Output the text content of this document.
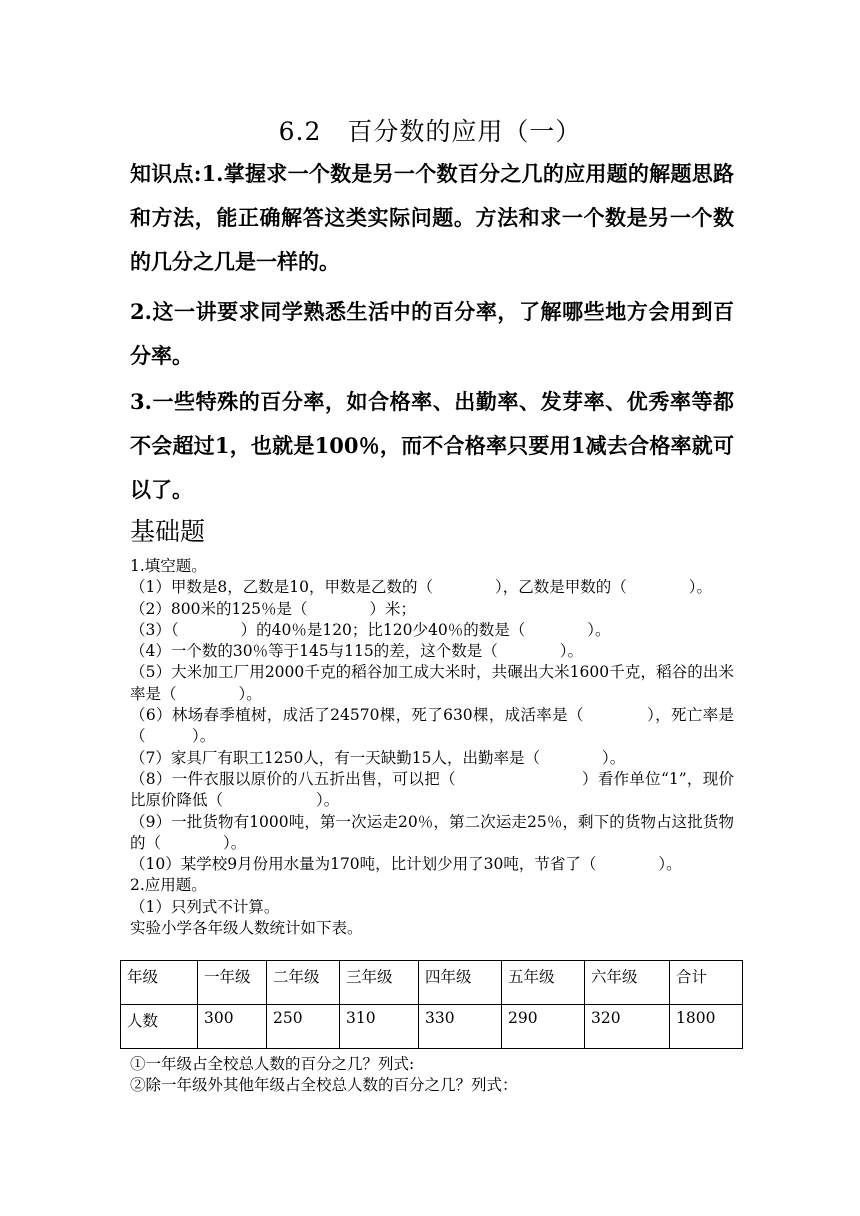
6.2　百分数的应用（一）

知识点:1.掌握求一个数是另一个数百分之几的应用题的解题思路和方法，能正确解答这类实际问题。方法和求一个数是另一个数的几分之几是一样的。

2.这一讲要求同学熟悉生活中的百分率，了解哪些地方会用到百分率。

3.一些特殊的百分率，如合格率、出勤率、发芽率、优秀率等都不会超过1，也就是100％，而不合格率只要用1减去合格率就可以了。

基础题
1.填空题。
（1）甲数是8，乙数是10，甲数是乙数的（　　　　），乙数是甲数的（　　　　）。
（2）800米的125％是（　　　　）米；
（3）（　　　　）的40％是120；比120少40％的数是（　　　　）。
（4）一个数的30％等于145与115的差，这个数是（　　　　）。
（5）大米加工厂用2000千克的稻谷加工成大米时，共碾出大米1600千克，稻谷的出米率是（　　　　）。
（6）林场春季植树，成活了24570棵，死了630棵，成活率是（　　　　），死亡率是（　　　）。
（7）家具厂有职工1250人，有一天缺勤15人，出勤率是（　　　　）。
（8）一件衣服以原价的八五折出售，可以把（　　　　　　　　）看作单位“1”，现价比原价降低（　　　　　　）。
（9）一批货物有1000吨，第一次运走20％，第二次运走25％，剩下的货物占这批货物的（　　　　）。
（10）某学校9月份用水量为170吨，比计划少用了30吨，节省了（　　　　）。
2.应用题。
（1）只列式不计算。
实验小学各年级人数统计如下表。
年级	一年级	二年级	三年级	四年级	五年级	六年级	合计
人数	300	250	310	330	290	320	1800
①一年级占全校总人数的百分之几？列式:
②除一年级外其他年级占全校总人数的百分之几？列式：
